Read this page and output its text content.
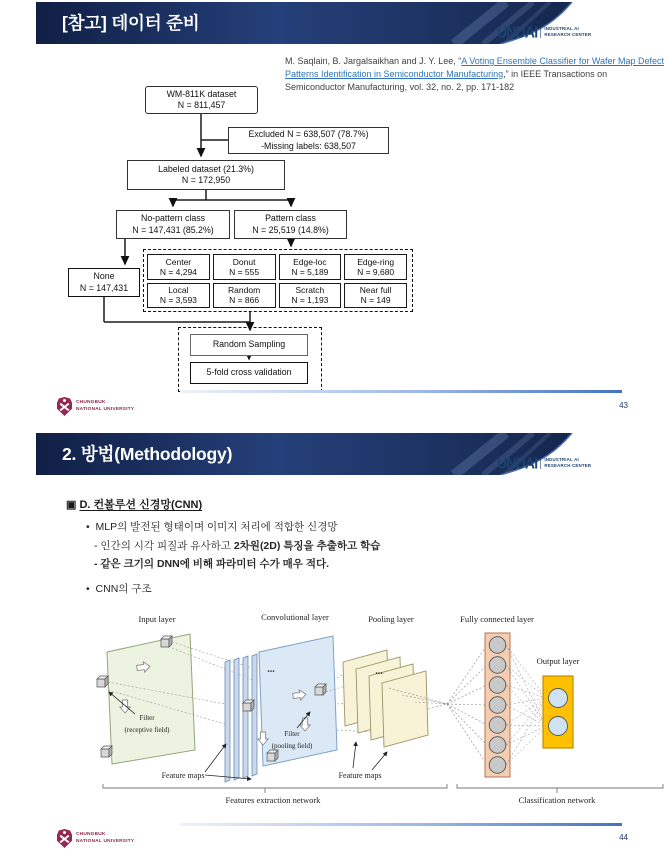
[참고] 데이터 준비	UNDAI INDUSTRIAL AI
RESEARCH CENTER
M. Saqlain, B. Jargalsaikhan and J. Y. Lee, “A Voting Ensemble Classifier for Wafer Map Defect Patterns Identification in Semiconductor Manufacturing,” in IEEE Transactions on Semiconductor Manufacturing, vol. 32, no. 2, pp. 171-182
WM-811K dataset
N = 811,457
Excluded N = 638,507 (78.7%)
-Missing labels: 638,507
Labeled dataset (21.3%)
N = 172,950
No-pattern class
N = 147,431 (85.2%)
Pattern class
N = 25,519 (14.8%)
None
N = 147,431
Center
N = 4,294
Donut
N = 555
Edge-loc
N = 5,189
Edge-ring
N = 9,680
Local
N = 3,593
Random
N = 866
Scratch
N = 1,193
Near full
N = 149
Random Sampling
5-fold cross validation
CHUNGBUK
NATIONAL UNIVERSITY	43
2. 방법(Methodology)	UNDAI INDUSTRIAL AI
RESEARCH CENTER
▣ D. 컨볼루션 신경망(CNN)
• MLP의 발전된 형태이며 이미지 처리에 적합한 신경망
- 인간의 시각 피질과 유사하고 2차원(2D) 특징을 추출하고 학습
- 같은 크기의 DNN에 비해 파라미터 수가 매우 적다.
• CNN의 구조
...	...
Input layer	Convolutional layer	Pooling layer	Fully connected layer
Output layer
Filter
(receptive field)	Filter
(pooling field)
Feature maps	Feature maps
Features extraction network	Classification network
CHUNGBUK
NATIONAL UNIVERSITY	44
